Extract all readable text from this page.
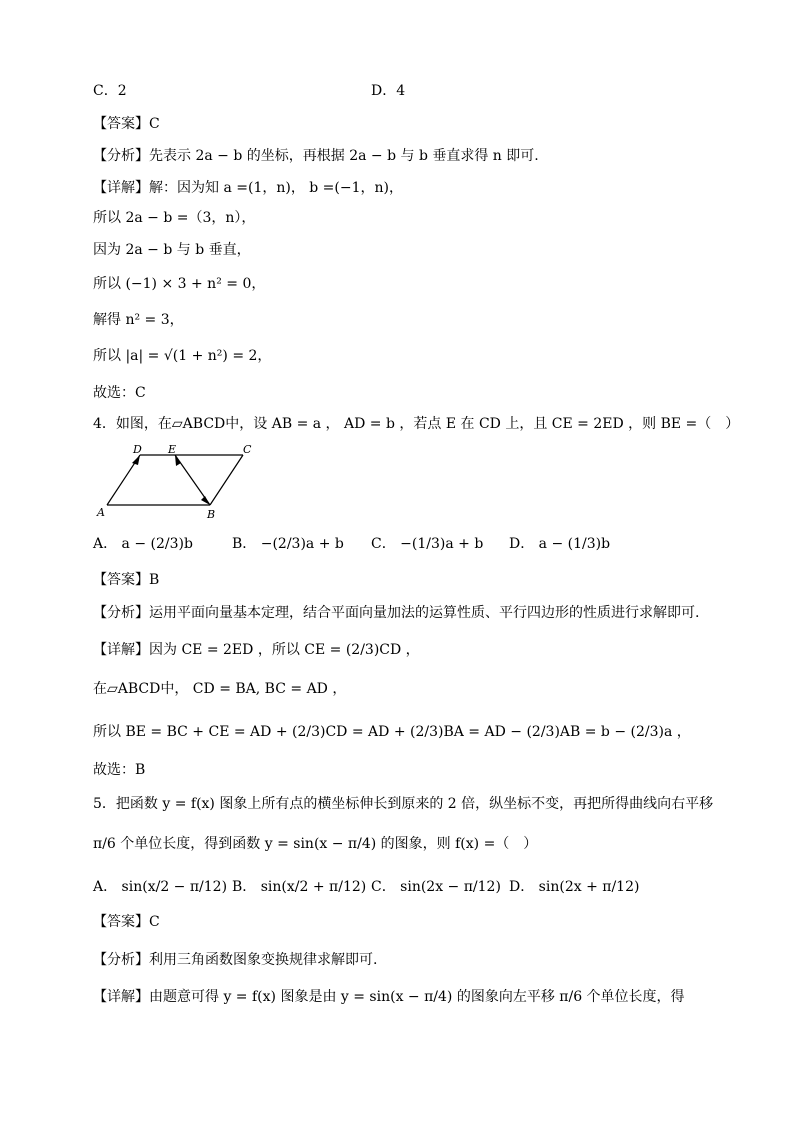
C．2	D．4
【答案】C
【分析】先表示 2a − b 的坐标，再根据 2a − b 与 b 垂直求得 n 即可.
【详解】解：因为知 a =(1，n)， b =(−1，n)，
所以 2a − b =（3，n），
因为 2a − b 与 b 垂直，
所以 (−1) × 3 + n² = 0，
解得 n² = 3，
所以 |a| = √(1 + n²) = 2，
故选：C
4．如图，在▱ABCD中，设 AB = a ， AD = b ，若点 E 在 CD 上，且 CE = 2ED ，则 BE =（　）
D E	C
A	B
A． a − (2/3)b	B． −(2/3)a + b C． −(1/3)a + b D． a − (1/3)b
【答案】B
【分析】运用平面向量基本定理，结合平面向量加法的运算性质、平行四边形的性质进行求解即可.
【详解】因为 CE = 2ED ，所以 CE = (2/3)CD ，
在▱ABCD中， CD = BA, BC = AD ，
所以 BE = BC + CE = AD + (2/3)CD = AD + (2/3)BA = AD − (2/3)AB = b − (2/3)a ，
故选：B
5．把函数 y = f(x) 图象上所有点的横坐标伸长到原来的 2 倍，纵坐标不变，再把所得曲线向右平移
π/6 个单位长度，得到函数 y = sin(x − π/4) 的图象，则 f(x) =（　）
A． sin(x/2 − π/12) B． sin(x/2 + π/12) C． sin(2x − π/12) D． sin(2x + π/12)
【答案】C
【分析】利用三角函数图象变换规律求解即可.
【详解】由题意可得 y = f(x) 图象是由 y = sin(x − π/4) 的图象向左平移 π/6 个单位长度，得
